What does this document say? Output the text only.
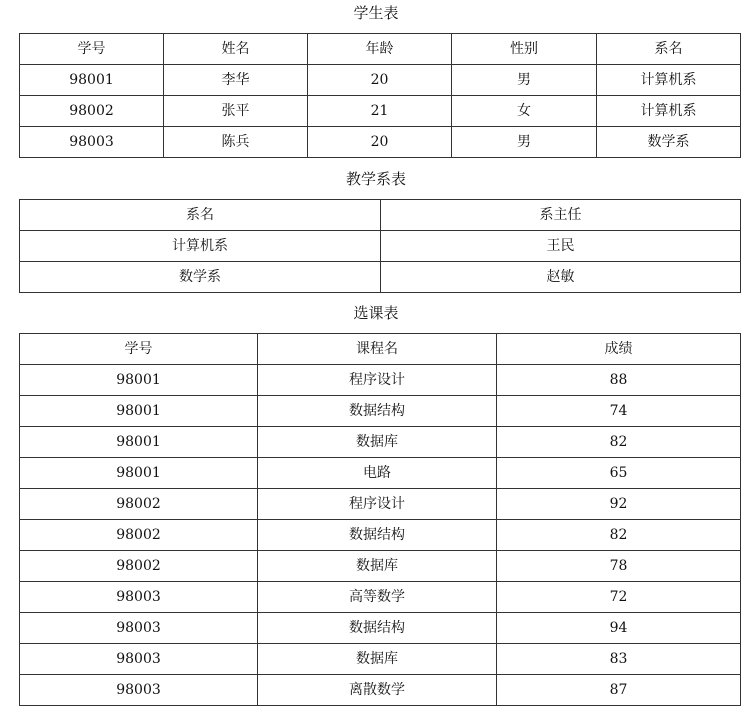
学生表
学号	姓名	年龄	性别	系名
98001	李华	20	男	计算机系
98002	张平	21	女	计算机系
98003	陈兵	20	男	数学系
教学系表
系名	系主任
计算机系	王民
数学系	赵敏
选课表
学号	课程名	成绩
98001	程序设计	88
98001	数据结构	74
98001	数据库	82
98001	电路	65
98002	程序设计	92
98002	数据结构	82
98002	数据库	78
98003	高等数学	72
98003	数据结构	94
98003	数据库	83
98003	离散数学	87
